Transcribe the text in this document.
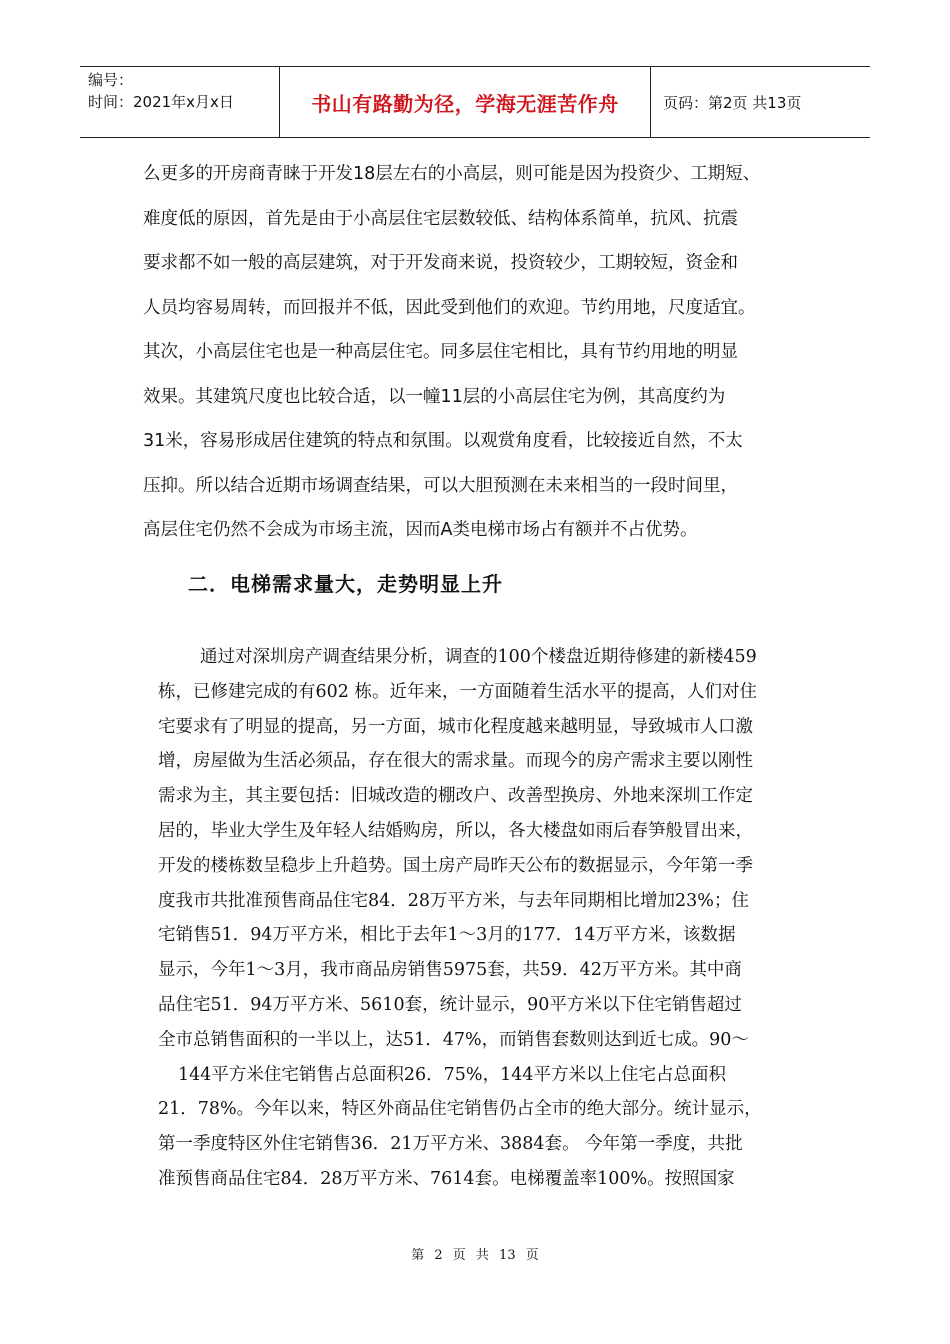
编号：
时间：2021年x月x日	书山有路勤为径，学海无涯苦作舟	页码：第2页 共13页

么更多的开房商青睐于开发18层左右的小高层，则可能是因为投资少、工期短、

难度低的原因，首先是由于小高层住宅层数较低、结构体系简单，抗风、抗震

要求都不如一般的高层建筑，对于开发商来说，投资较少，工期较短，资金和

人员均容易周转，而回报并不低，因此受到他们的欢迎。节约用地，尺度适宜。

其次，小高层住宅也是一种高层住宅。同多层住宅相比，具有节约用地的明显

效果。其建筑尺度也比较合适，以一幢11层的小高层住宅为例，其高度约为

31米，容易形成居住建筑的特点和氛围。以观赏角度看，比较接近自然，不太

压抑。所以结合近期市场调查结果，可以大胆预测在未来相当的一段时间里，

高层住宅仍然不会成为市场主流，因而A类电梯市场占有额并不占优势。

二．电梯需求量大，走势明显上升

通过对深圳房产调查结果分析，调查的100个楼盘近期待修建的新楼459

栋，已修建完成的有602 栋。近年来，一方面随着生活水平的提高，人们对住

宅要求有了明显的提高，另一方面，城市化程度越来越明显，导致城市人口激

增，房屋做为生活必须品，存在很大的需求量。而现今的房产需求主要以刚性

需求为主，其主要包括：旧城改造的棚改户、改善型换房、外地来深圳工作定

居的，毕业大学生及年轻人结婚购房，所以，各大楼盘如雨后春笋般冒出来，

开发的楼栋数呈稳步上升趋势。国土房产局昨天公布的数据显示，今年第一季

度我市共批准预售商品住宅84．28万平方米，与去年同期相比增加23%；住

宅销售51．94万平方米，相比于去年1～3月的177．14万平方米，该数据

显示，今年1～3月，我市商品房销售5975套，共59．42万平方米。其中商

品住宅51．94万平方米、5610套，统计显示，90平方米以下住宅销售超过

全市总销售面积的一半以上，达51．47%，而销售套数则达到近七成。90～

144平方米住宅销售占总面积26．75%，144平方米以上住宅占总面积

21．78%。今年以来，特区外商品住宅销售仍占全市的绝大部分。统计显示，

第一季度特区外住宅销售36．21万平方米、3884套。 今年第一季度，共批

准预售商品住宅84．28万平方米、7614套。电梯覆盖率100%。按照国家

第 2 页 共 13 页
